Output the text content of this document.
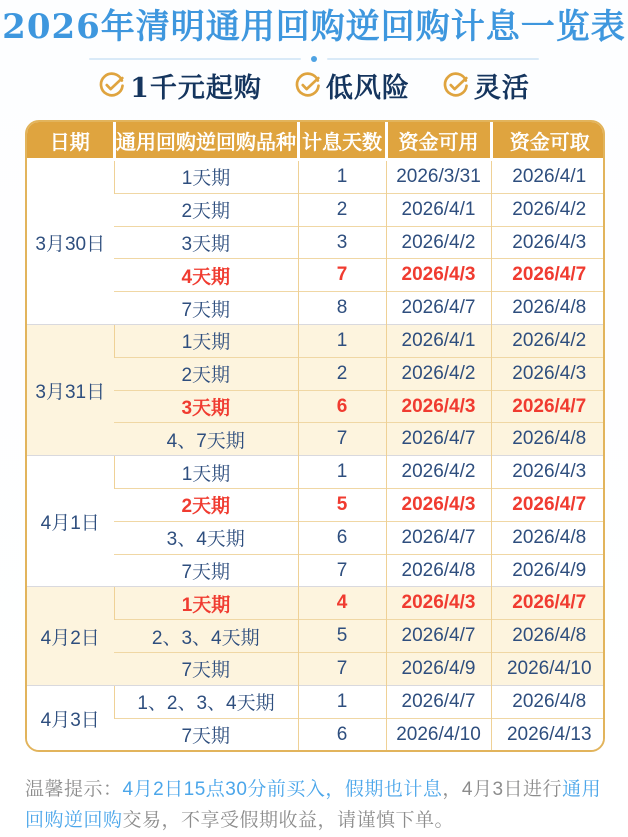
2026年清明通用回购逆回购计息一览表
1千元起购 低风险 灵活
日期	通用回购逆回购品种	计息天数	资金可用	资金可取
3月30日	1天期	1	2026/3/31	2026/4/1
	2天期	2	2026/4/1	2026/4/2
	3天期	3	2026/4/2	2026/4/3
	4天期	7	2026/4/3	2026/4/7
	7天期	8	2026/4/7	2026/4/8
3月31日	1天期	1	2026/4/1	2026/4/2
	2天期	2	2026/4/2	2026/4/3
	3天期	6	2026/4/3	2026/4/7
	4、7天期	7	2026/4/7	2026/4/8
4月1日	1天期	1	2026/4/2	2026/4/3
	2天期	5	2026/4/3	2026/4/7
	3、4天期	6	2026/4/7	2026/4/8
	7天期	7	2026/4/8	2026/4/9
4月2日	1天期	4	2026/4/3	2026/4/7
	2、3、4天期	5	2026/4/7	2026/4/8
	7天期	7	2026/4/9	2026/4/10
4月3日	1、2、3、4天期	1	2026/4/7	2026/4/8
	7天期	6	2026/4/10	2026/4/13

温馨提示：4月2日15点30分前买入，假期也计息，4月3日进行通用回购逆回购交易，不享受假期收益，请谨慎下单。
